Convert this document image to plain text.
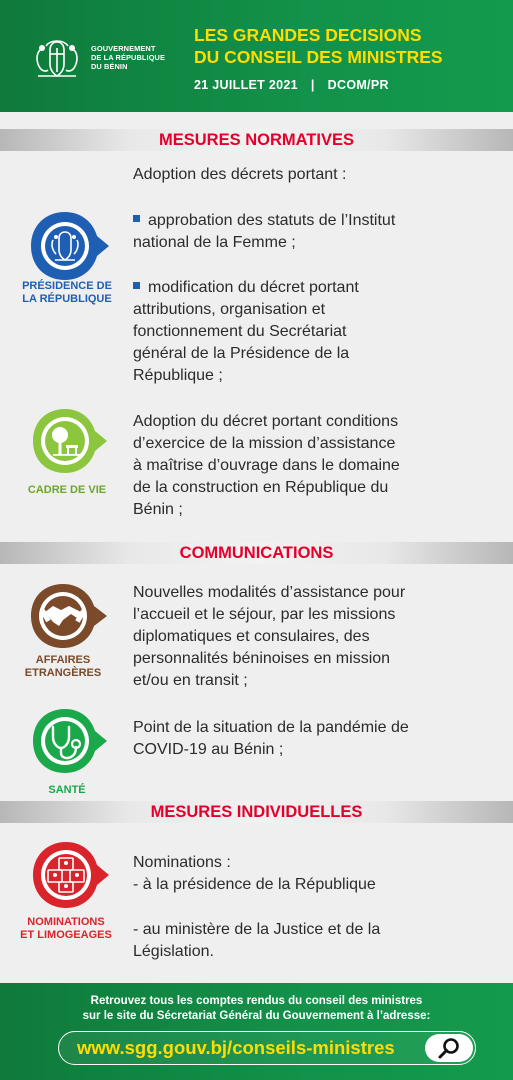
GOUVERNEMENT
DE LA RÉPUBLIQUE
DU BÉNIN
LES GRANDES DECISIONS
DU CONSEIL DES MINISTRES
21 JUILLET 2021 | DCOM/PR
MESURES NORMATIVES
PRÉSIDENCE DE
LA RÉPUBLIQUE
Adoption des décrets portant :
approbation des statuts de l’Institut
national de la Femme ;
modification du décret portant
attributions, organisation et
fonctionnement du Secrétariat
général de la Présidence de la
République ;
CADRE DE VIE
Adoption du décret portant conditions
d’exercice de la mission d’assistance
à maîtrise d’ouvrage dans le domaine
de la construction en République du
Bénin ;
COMMUNICATIONS
AFFAIRES
ETRANGÈRES
Nouvelles modalités d’assistance pour
l’accueil et le séjour, par les missions
diplomatiques et consulaires, des
personnalités béninoises en mission
et/ou en transit ;
SANTÉ
Point de la situation de la pandémie de
COVID-19 au Bénin ;
MESURES INDIVIDUELLES
NOMINATIONS
ET LIMOGEAGES
Nominations :
- à la présidence de la République
- au ministère de la Justice et de la
Législation.
Retrouvez tous les comptes rendus du conseil des ministres
sur le site du Sécretariat Général du Gouvernement à l’adresse:
www.sgg.gouv.bj/conseils-ministres
